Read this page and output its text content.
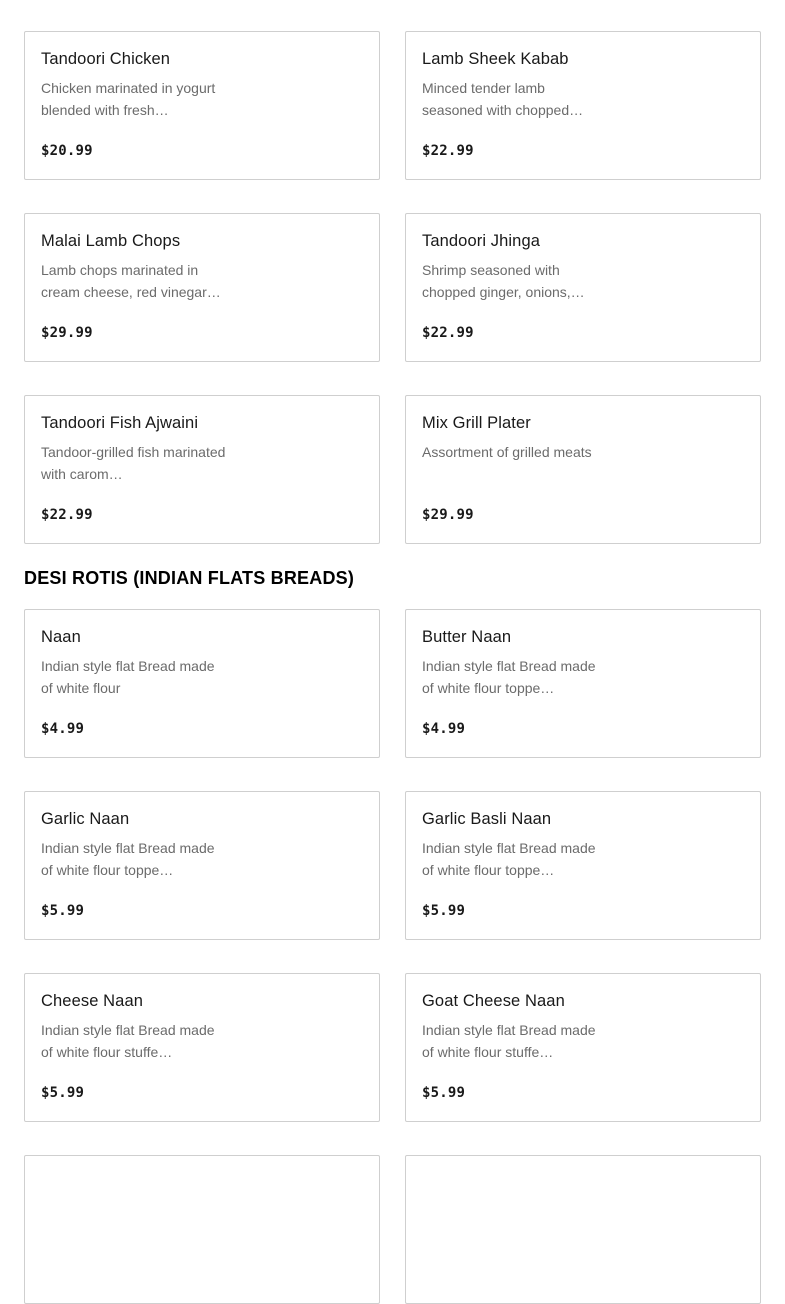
Tandoori Chicken
Chicken marinated in yogurt blended with fresh…
$20.99
Lamb Sheek Kabab
Minced tender lamb seasoned with chopped…
$22.99
Malai Lamb Chops
Lamb chops marinated in cream cheese, red vinegar…
$29.99
Tandoori Jhinga
Shrimp seasoned with chopped ginger, onions,…
$22.99
Tandoori Fish Ajwaini
Tandoor-grilled fish marinated with carom…
$22.99
Mix Grill Plater
Assortment of grilled meats
$29.99
DESI ROTIS (INDIAN FLATS BREADS)
Naan
Indian style flat Bread made of white flour
$4.99
Butter Naan
Indian style flat Bread made of white flour toppe…
$4.99
Garlic Naan
Indian style flat Bread made of white flour toppe…
$5.99
Garlic Basli Naan
Indian style flat Bread made of white flour toppe…
$5.99
Cheese Naan
Indian style flat Bread made of white flour stuffe…
$5.99
Goat Cheese Naan
Indian style flat Bread made of white flour stuffe…
$5.99
